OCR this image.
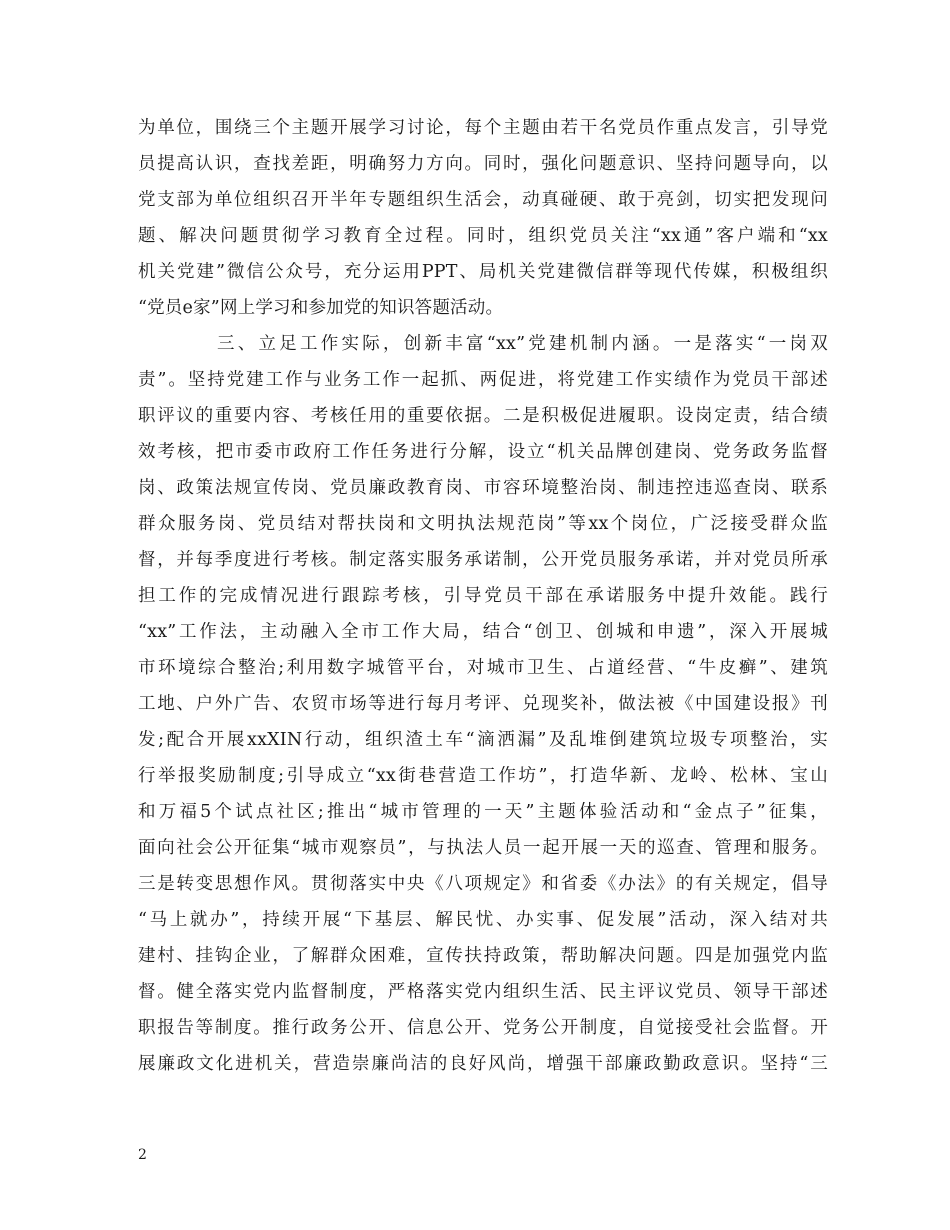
为单位，围绕三个主题开展学习讨论，每个主题由若干名党员作重点发言，引导党
员提高认识，查找差距，明确努力方向。同时，强化问题意识、坚持问题导向，以
党支部为单位组织召开半年专题组织生活会，动真碰硬、敢于亮剑，切实把发现问
题、解决问题贯彻学习教育全过程。同时，组织党员关注“xx通”客户端和“xx
机关党建”微信公众号，充分运用PPT、局机关党建微信群等现代传媒，积极组织
“党员e家”网上学习和参加党的知识答题活动。
三、立足工作实际，创新丰富“xx”党建机制内涵。一是落实“一岗双
责”。坚持党建工作与业务工作一起抓、两促进，将党建工作实绩作为党员干部述
职评议的重要内容、考核任用的重要依据。二是积极促进履职。设岗定责，结合绩
效考核，把市委市政府工作任务进行分解，设立“机关品牌创建岗、党务政务监督
岗、政策法规宣传岗、党员廉政教育岗、市容环境整治岗、制违控违巡查岗、联系
群众服务岗、党员结对帮扶岗和文明执法规范岗”等xx个岗位，广泛接受群众监
督，并每季度进行考核。制定落实服务承诺制，公开党员服务承诺，并对党员所承
担工作的完成情况进行跟踪考核，引导党员干部在承诺服务中提升效能。践行
“xx”工作法，主动融入全市工作大局，结合“创卫、创城和申遗”，深入开展城
市环境综合整治;利用数字城管平台，对城市卫生、占道经营、“牛皮癣”、建筑
工地、户外广告、农贸市场等进行每月考评、兑现奖补，做法被《中国建设报》刊
发;配合开展xxXIN行动，组织渣土车“滴洒漏”及乱堆倒建筑垃圾专项整治，实
行举报奖励制度;引导成立“xx街巷营造工作坊”，打造华新、龙岭、松林、宝山
和万福5个试点社区;推出“城市管理的一天”主题体验活动和“金点子”征集，
面向社会公开征集“城市观察员”，与执法人员一起开展一天的巡查、管理和服务。
三是转变思想作风。贯彻落实中央《八项规定》和省委《办法》的有关规定，倡导
“马上就办”，持续开展“下基层、解民忧、办实事、促发展”活动，深入结对共
建村、挂钩企业，了解群众困难，宣传扶持政策，帮助解决问题。四是加强党内监
督。健全落实党内监督制度，严格落实党内组织生活、民主评议党员、领导干部述
职报告等制度。推行政务公开、信息公开、党务公开制度，自觉接受社会监督。开
展廉政文化进机关，营造崇廉尚洁的良好风尚，增强干部廉政勤政意识。坚持“三
2
